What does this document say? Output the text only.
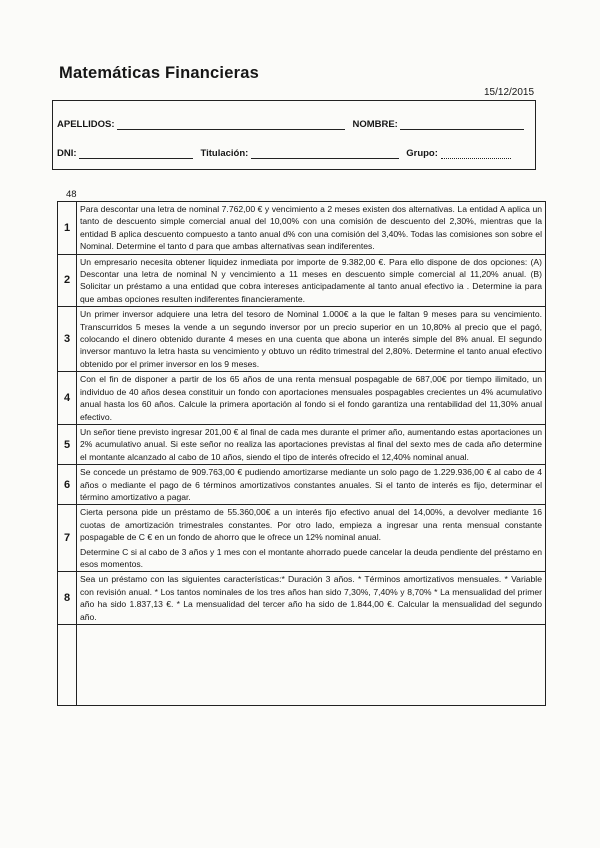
Matemáticas Financieras
15/12/2015
APELLIDOS:	NOMBRE:
DNI:	Titulación:	Grupo:
48
1	Para descontar una letra de nominal 7.762,00 € y vencimiento a 2 meses existen dos alternativas. La entidad A aplica un tanto de descuento simple comercial anual del 10,00% con una comisión de descuento del 2,30%, mientras que la entidad B aplica descuento compuesto a tanto anual d% con una comisión del 3,40%. Todas las comisiones son sobre el Nominal. Determine el tanto d para que ambas alternativas sean indiferentes.
2	Un empresario necesita obtener liquidez inmediata por importe de 9.382,00 €. Para ello dispone de dos opciones: (A) Descontar una letra de nominal N y vencimiento a 11 meses en descuento simple comercial al 11,20% anual. (B) Solicitar un préstamo a una entidad que cobra intereses anticipadamente al tanto anual efectivo ia . Determine ia para que ambas opciones resulten indiferentes financieramente.
3	Un primer inversor adquiere una letra del tesoro de Nominal 1.000€ a la que le faltan 9 meses para su vencimiento. Transcurridos 5 meses la vende a un segundo inversor por un precio superior en un 10,80% al precio que el pagó, colocando el dinero obtenido durante 4 meses en una cuenta que abona un interés simple del 8% anual. El segundo inversor mantuvo la letra hasta su vencimiento y obtuvo un rédito trimestral del 2,80%. Determine el tanto anual efectivo obtenido por el primer inversor en los 9 meses.
4	Con el fin de disponer a partir de los 65 años de una renta mensual pospagable de 687,00€ por tiempo ilimitado, un individuo de 40 años desea constituir un fondo con aportaciones mensuales pospagables crecientes un 4% acumulativo anual hasta los 60 años. Calcule la primera aportación al fondo si el fondo garantiza una rentabilidad del 11,30% anual efectivo.
5	Un señor tiene previsto ingresar 201,00 € al final de cada mes durante el primer año, aumentando estas aportaciones un 2% acumulativo anual. Si este señor no realiza las aportaciones previstas al final del sexto mes de cada año determine el montante alcanzado al cabo de 10 años, siendo el tipo de interés ofrecido el 12,40% nominal anual.
6	Se concede un préstamo de 909.763,00 € pudiendo amortizarse mediante un solo pago de 1.229.936,00 € al cabo de 4 años o mediante el pago de 6 términos amortizativos constantes anuales. Si el tanto de interés es fijo, determinar el término amortizativo a pagar.
7	Cierta persona pide un préstamo de 55.360,00€ a un interés fijo efectivo anual del 14,00%, a devolver mediante 16 cuotas de amortización trimestrales constantes. Por otro lado, empieza a ingresar una renta mensual constante pospagable de C € en un fondo de ahorro que le ofrece un 12% nominal anual.

Determine C si al cabo de 3 años y 1 mes con el montante ahorrado puede cancelar la deuda pendiente del préstamo en esos momentos.

8	Sea un préstamo con las siguientes características:* Duración 3 años. * Términos amortizativos mensuales. * Variable con revisión anual. * Los tantos nominales de los tres años han sido 7,30%, 7,40% y 8,70% * La mensualidad del primer año ha sido 1.837,13 €. * La mensualidad del tercer año ha sido de 1.844,00 €. Calcular la mensualidad del segundo año.
